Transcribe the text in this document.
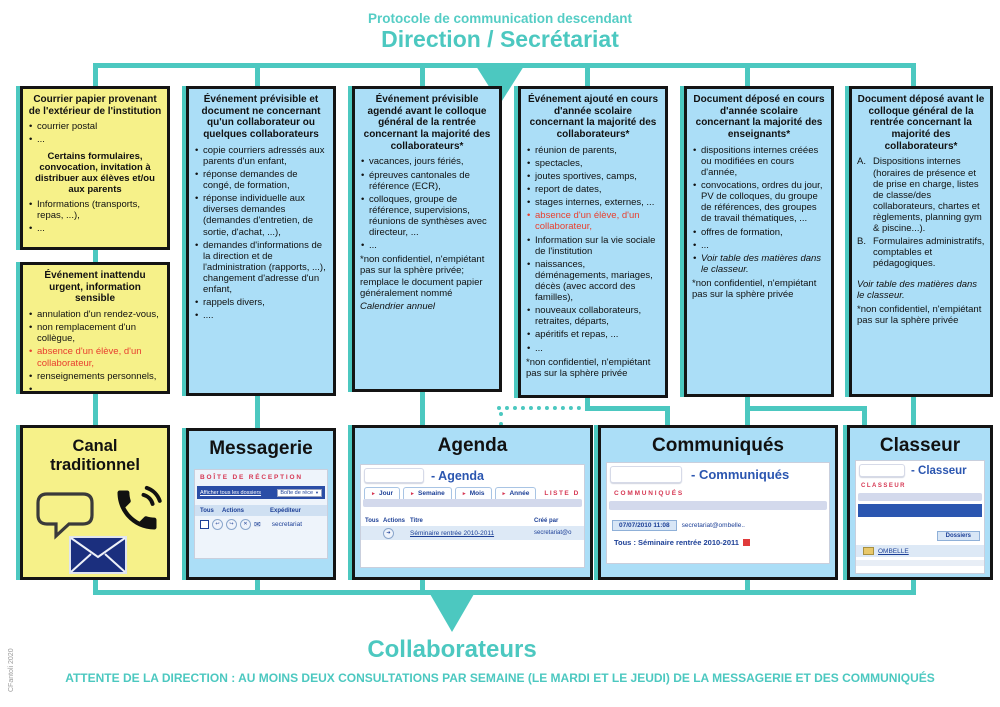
Protocole de communication descendant
Direction / Secrétariat
Courrier papier provenant de l'extérieur de l'institution
• courrier postal
• ...
Certains formulaires, convocation, invitation à distribuer aux élèves et/ou aux parents
• Informations (transports, repas, ...),
• ...
Événement inattendu urgent, information sensible
• annulation d'un rendez-vous,
• non remplacement d'un collègue,
• absence d'un élève, d'un collaborateur,
• renseignements personnels,
• ...
Événement prévisible et document ne concernant qu'un collaborateur ou quelques collaborateurs
• copie courriers adressés aux parents d'un enfant,
• réponse demandes de congé, de formation,
• réponse individuelle aux diverses demandes (demandes d'entretien, de sortie, d'achat, ...),
• demandes d'informations de la direction et de l'administration (rapports, ...), changement d'adresse d'un enfant,
• rappels divers,
• ....
Événement prévisible agendé avant le colloque général de la rentrée concernant la majorité des collaborateurs*
• vacances, jours fériés,
• épreuves cantonales de référence (ECR),
• colloques, groupe de référence, supervisions, réunions de synthèses avec directeur, ...
• ...
*non confidentiel, n'empiétant pas sur la sphère privée; remplace le document papier généralement nommé
Calendrier annuel
Événement ajouté en cours d'année scolaire concernant la majorité des collaborateurs*
• réunion de parents,
• spectacles,
• joutes sportives, camps,
• report de dates,
• stages internes, externes, ...
• absence d'un élève, d'un collaborateur,
• Information sur la vie sociale de l'institution
• naissances, déménagements, mariages, décès (avec accord des familles),
• nouveaux collaborateurs, retraites, départs,
• apéritifs et repas, ...
• ...
*non confidentiel, n'empiétant pas sur la sphère privée
Document déposé en cours d'année scolaire concernant la majorité des enseignants*
• dispositions internes créées ou modifiées en cours d'année,
• convocations, ordres du jour, PV de colloques, du groupe de références, des groupes de travail thématiques, ...
• offres de formation,
• ...
• Voir table des matières dans le classeur.
*non confidentiel, n'empiétant pas sur la sphère privée
Document déposé avant le colloque général de la rentrée concernant la majorité des collaborateurs*
A. Dispositions internes (horaires de présence et de prise en charge, listes de classe/des collaborateurs, chartes et règlements, planning gym & piscine...).
B. Formulaires administratifs, comptables et pédagogiques.
Voir table des matières dans le classeur.
*non confidentiel, n'empiétant pas sur la sphère privée
Canal traditionnel
Messagerie
BOÎTE DE RÉCEPTION
Afficher tous les dossiers	Boîte de réce ▼
Tous	Actions	Expéditeur
↩	↪	✕ ✉ secretariat
Agenda
- Agenda
► Jour	► Semaine	► Mois	► Année LISTE D
Tous Actions Titre	Créé par
➔	Séminaire rentrée 2010-2011	secretariat@o
Communiqués
- Communiqués
COMMUNIQUÉS
07/07/2010 11:08	secretariat@ombelle..
Tous : Séminaire rentrée 2010-2011
Classeur
- Classeur
CLASSEUR
Dossiers
OMBELLE
Collaborateurs
ATTENTE DE LA DIRECTION : AU MOINS DEUX CONSULTATIONS PAR SEMAINE (LE MARDI ET LE JEUDI) DE LA MESSAGERIE ET DES COMMUNIQUÉS
CFantoli 2020
